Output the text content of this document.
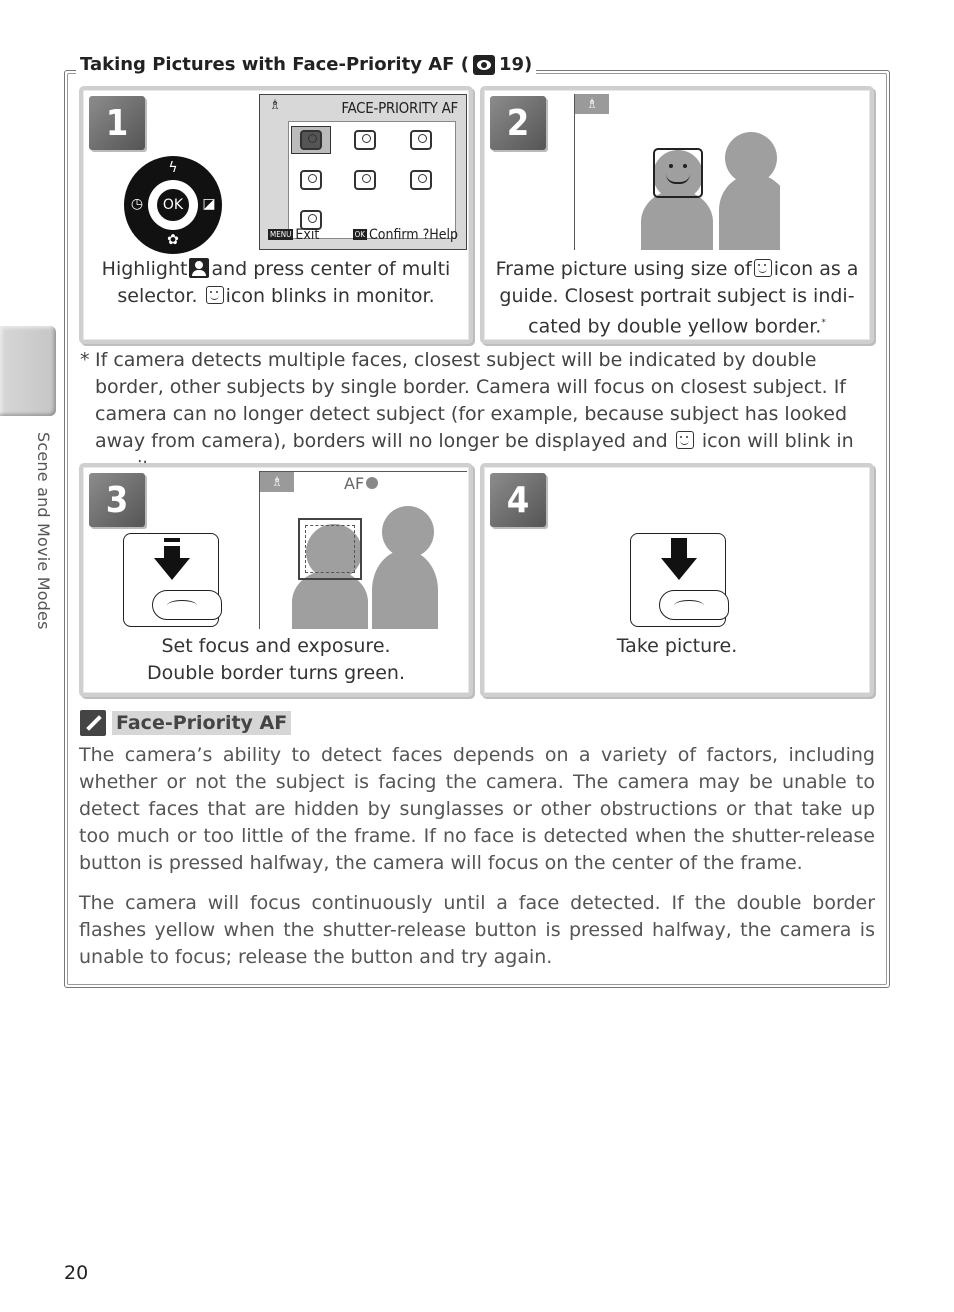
Scene and Movie Modes
Taking Pictures with Face-Priority AF ( 19)
1
ϟ
◷	◪
✿
OK
♗	FACE-PRIORITY AF
MENU Exit	OK Confirm ?Help
Highlight and press center of multi
selector. icon blinks in monitor.
2	♗
Frame picture using size of icon as a
guide. Closest portrait subject is indi-
cated by double yellow border.*
* If camera detects multiple faces, closest subject will be indicated by double border, other subjects by single border. Camera will focus on closest subject. If camera can no longer detect subject (for example, because subject has looked away from camera), borders will no longer be displayed and icon will blink in
3	♗	AF
Set focus and exposure.
Double border turns green.
4
Take picture.
Face-Priority AF
The camera’s ability to detect faces depends on a variety of factors, including whether or not the subject is facing the camera. The camera may be unable to detect faces that are hidden by sunglasses or other obstructions or that take up too much or too little of the frame. If no face is detected when the shutter-release button is pressed halfway, the camera will focus on the center of the frame.
The camera will focus continuously until a face detected. If the double border flashes yellow when the shutter-release button is pressed halfway, the camera is unable to focus; release the button and try again.
20
